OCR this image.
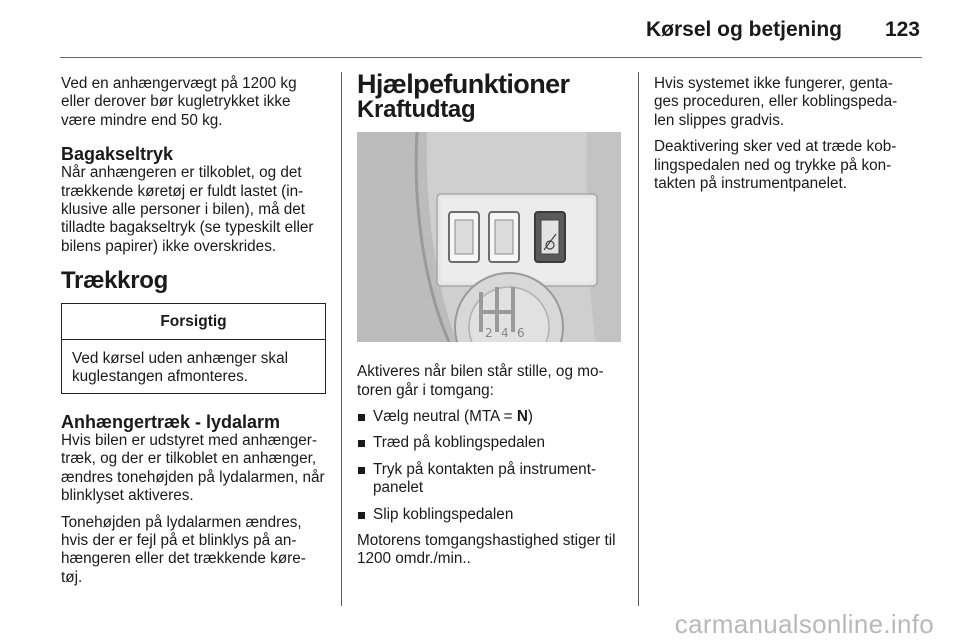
Kørsel og betjening 123

Ved en anhængervægt på 1200 kg eller derover bør kugletrykket ikke være mindre end 50 kg.

Bagakseltryk

Når anhængeren er tilkoblet, og det trækkende køretøj er fuldt lastet (in- klusive alle personer i bilen), må det tilladte bagakseltryk (se typeskilt eller bilens papirer) ikke overskrides.

Trækkrog
Forsigtig
Ved kørsel uden anhænger skal kuglestangen afmonteres.
Anhængertræk - lydalarm

Hvis bilen er udstyret med anhænger- træk, og der er tilkoblet en anhænger, ændres tonehøjden på lydalarmen, når blinklyset aktiveres.

Tonehøjden på lydalarmen ændres, hvis der er fejl på et blinklys på an- hængeren eller det trækkende køre- tøj.

Hjælpefunktioner
Kraftudtag
2 4 6

Aktiveres når bilen står stille, og mo- toren går i tomgang:

Vælg neutral (MTA = N)
Træd på koblingspedalen
Tryk på kontakten på instrument- panelet
Slip koblingspedalen

Motorens tomgangshastighed stiger til 1200 omdr./min..

Hvis systemet ikke fungerer, genta- ges proceduren, eller koblingspeda- len slippes gradvis.

Deaktivering sker ved at træde kob- lingspedalen ned og trykke på kon- takten på instrumentpanelet.

carmanualsonline.info
